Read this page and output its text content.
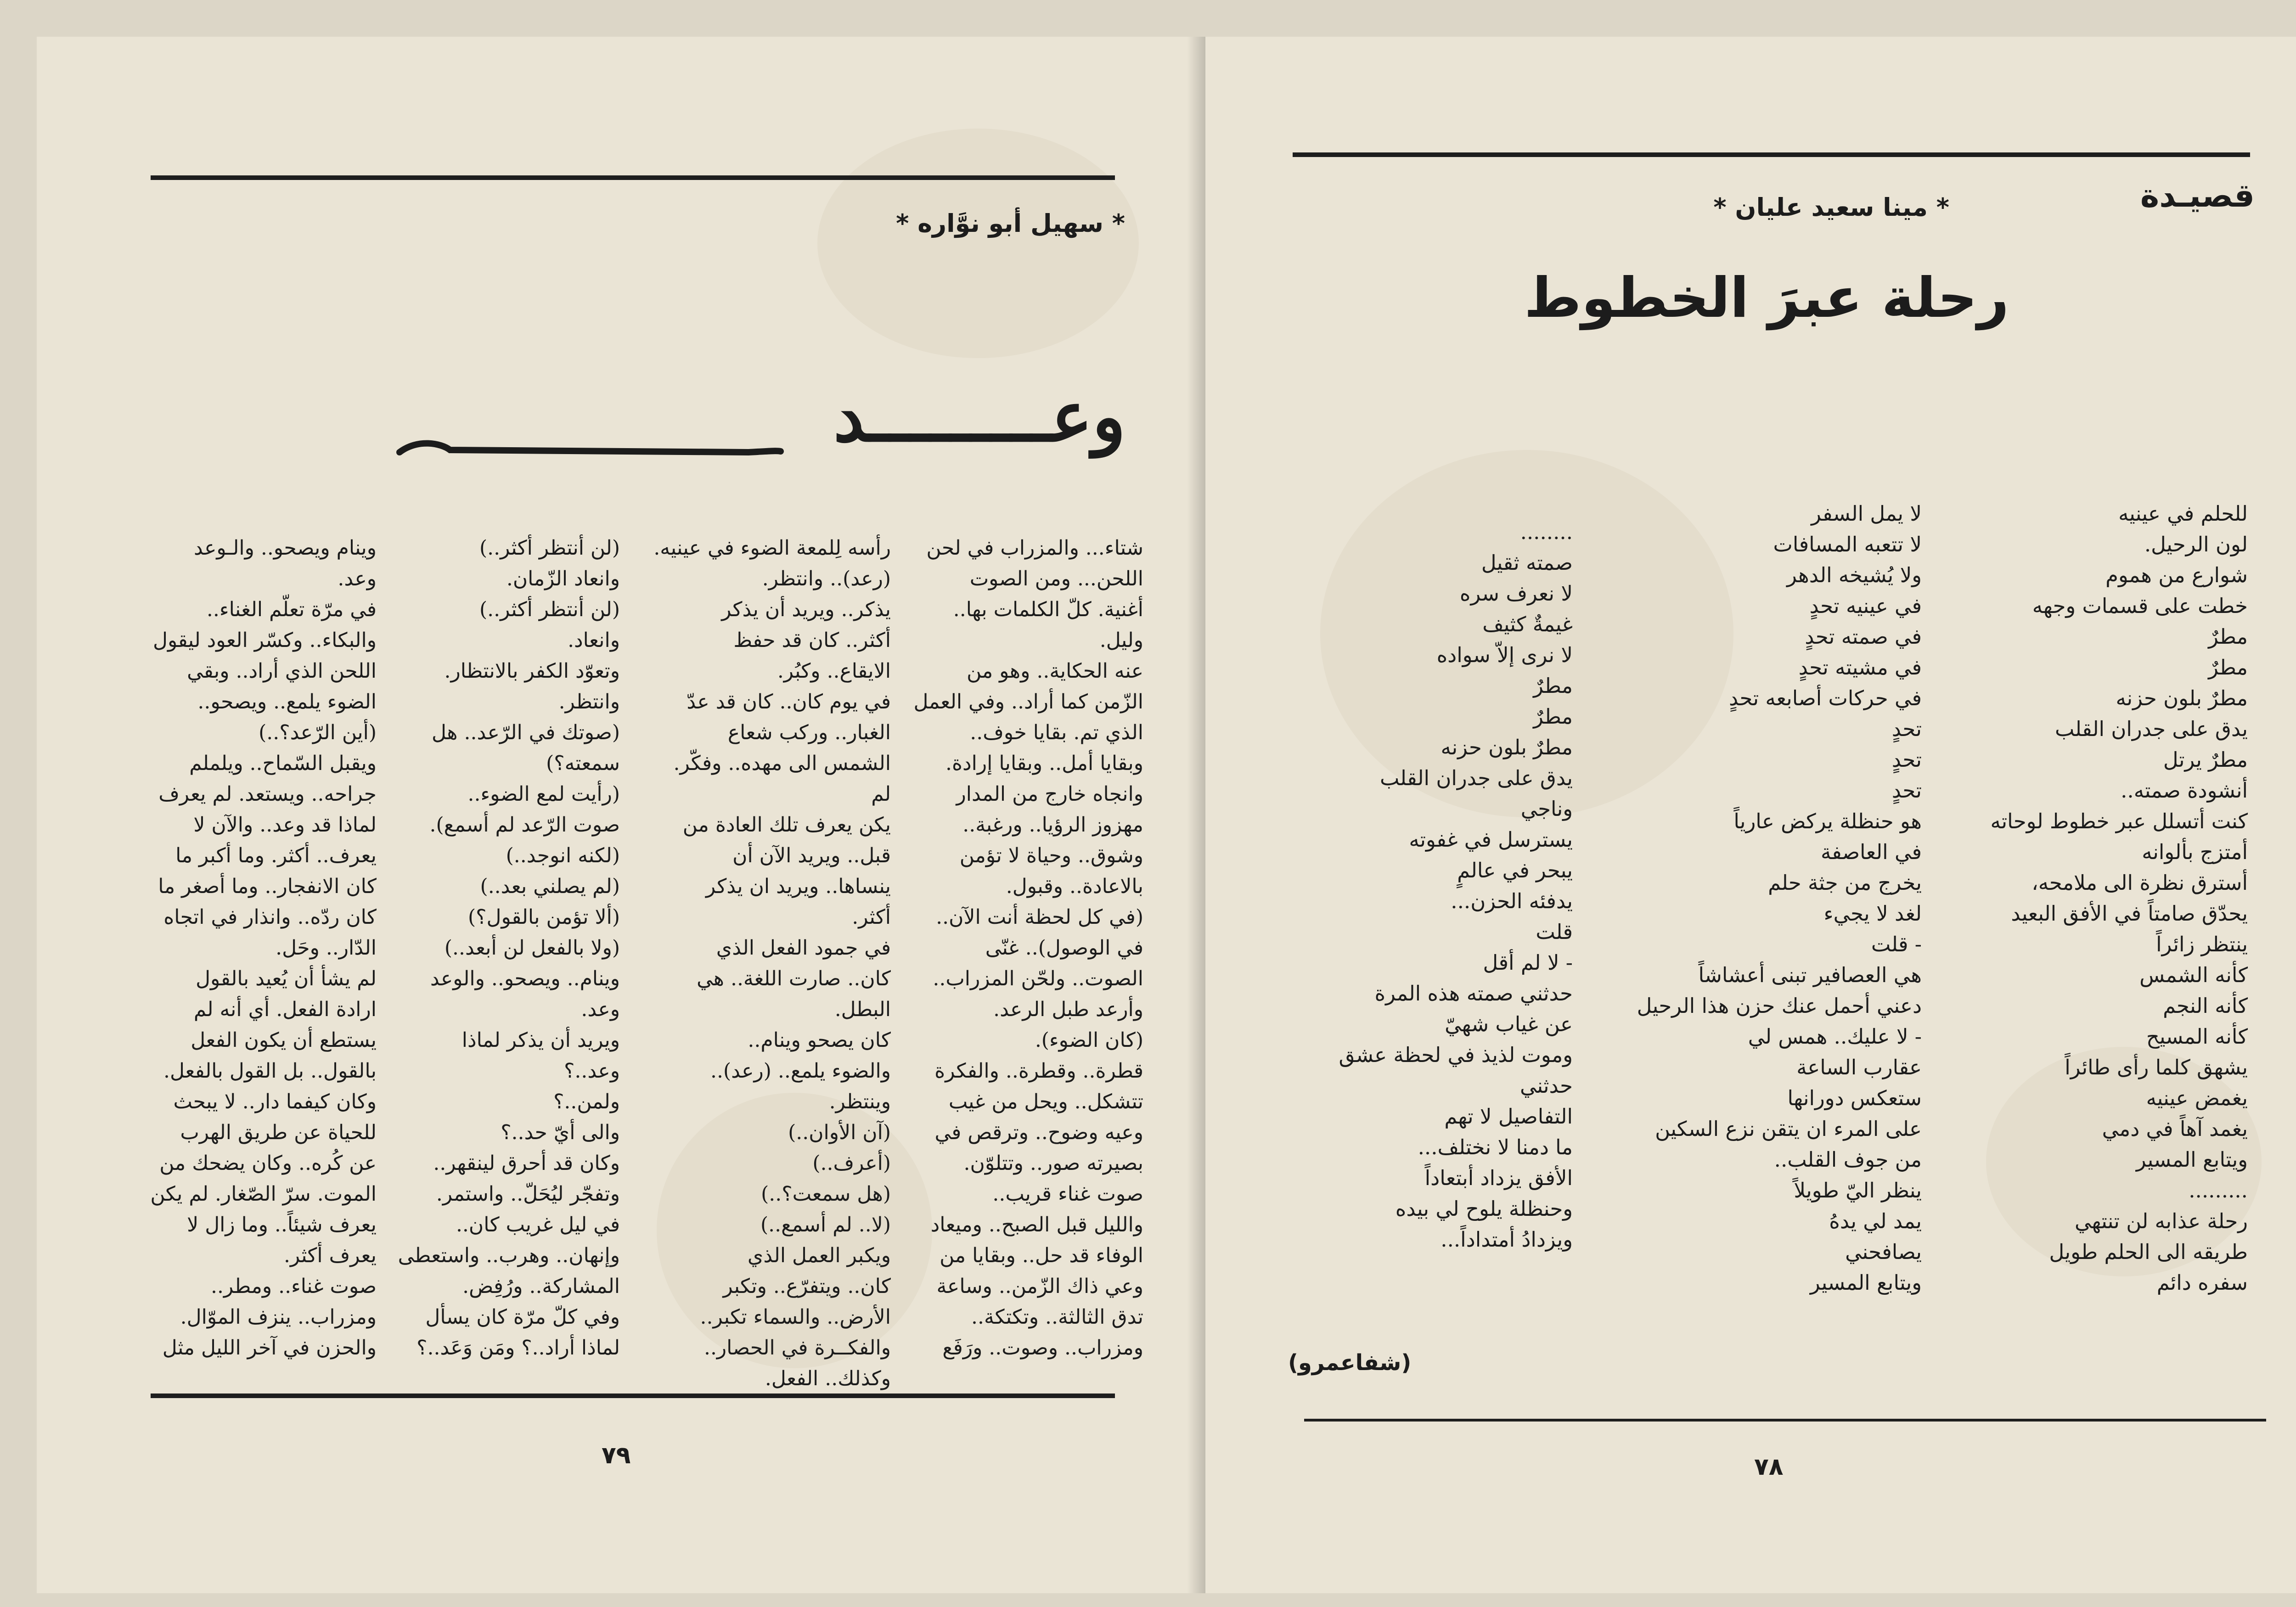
* سهيل أبو نوَّاره *
وعـــــــــد
شتاء... والمزراب في لحن
اللحن... ومن الصوت
أغنية. كلّ الكلمات بها..
وليل.
عنه الحكاية.. وهو من
الزّمن كما أراد.. وفي العمل
الذي تم. بقايا خوف..
وبقايا أمل.. وبقايا إرادة.
وانجاه خارج من المدار
مهزوز الرؤيا.. ورغبة..
وشوق.. وحياة لا تؤمن
بالاعادة.. وقبول.
(في كل لحظة أنت الآن..
في الوصول).. غنّى
الصوت.. ولحّن المزراب..
وأرعد طبل الرعد.
(كان الضوء).
قطرة.. وقطرة.. والفكرة
تتشكل.. ويحل من غيب
وعيه وضوح.. وترقص في
بصيرته صور.. وتتلوّن.
صوت غناء قريب..
والليل قبل الصبح.. وميعاد
الوفاء قد حل.. وبقايا من
وعي ذاك الزّمن.. وساعة
تدق الثالثة.. وتكتكة..
ومزراب.. وصوت.. ورَفَع
رأسه لِلمعة الضوء في عينيه.
(رعد).. وانتظر.
يذكر.. ويريد أن يذكر
أكثر.. كان قد حفظ
الايقاع.. وكبُر.
في يوم كان.. كان قد عدّ
الغبار.. وركب شعاع
الشمس الى مهده.. وفكّر. لم
يكن يعرف تلك العادة من
قبل.. ويريد الآن أن
ينساها.. ويريد ان يذكر
أكثر.
في جمود الفعل الذي
كان.. صارت اللغة.. هي
البطل.
كان يصحو وينام..
والضوء يلمع.. (رعد)..
وينتظر.
(آن الأوان..)
(أعرف..)
(هل سمعت؟..)
(لا.. لم أسمع..)
ويكبر العمل الذي
كان.. ويتفرّع.. وتكبر
الأرض.. والسماء تكبر..
والفكــرة في الحصار..
وكذلك.. الفعل.
(لن أنتظر أكثر..)
وانعاد الزّمان.
(لن أنتظر أكثر..)
وانعاد.
وتعوّد الكفر بالانتظار.
وانتظر.
(صوتك في الرّعد.. هل
سمعته؟)
(رأيت لمع الضوء..
صوت الرّعد لم أسمع).
(لكنه انوجد..)
(لم يصلني بعد..)
(ألا تؤمن بالقول؟)
(ولا بالفعل لن أبعد..)
وينام.. ويصحو.. والوعد
وعد.
ويريد أن يذكر لماذا
وعد..؟
ولمن..؟
والى أيّ حد..؟
وكان قد أحرق لينقهر..
وتفجّر ليُحَلّ.. واستمر.
في ليل غريب كان..
وإنهان.. وهرب.. واستعطى
المشاركة.. ورُفِض.
وفي كلّ مرّة كان يسأل
لماذا أراد..؟ ومَن وَعَد..؟
وينام ويصحو.. والـوعد
وعد.
في مرّة تعلّم الغناء..
والبكاء.. وكسّر العود ليقول
اللحن الذي أراد.. وبقي
الضوء يلمع.. ويصحو..
(أين الرّعد؟..)
ويقبل السّماح.. ويلملم
جراحه.. ويستعد. لم يعرف
لماذا قد وعد.. والآن لا
يعرف.. أكثر. وما أكبر ما
كان الانفجار.. وما أصغر ما
كان ردّه.. وانذار في اتجاه
الدّار.. وحَل.
لم يشأ أن يُعيد بالقول
ارادة الفعل. أي أنه لم
يستطع أن يكون الفعل
بالقول.. بل القول بالفعل.
وكان كيفما دار.. لا يبحث
للحياة عن طريق الهرب
عن كُره.. وكان يضحك من
الموت. سرّ الصّغار. لم يكن
يعرف شيئاً.. وما زال لا
يعرف أكثر.
صوت غناء.. ومطر..
ومزراب.. ينزف الموّال.
والحزن في آخر الليل مثل
٧٩
قصيـدة
* مينا سعيد عليان *
رحلة عبرَ الخطوط
للحلم في عينيه
لون الرحيل.
شوارع من هموم
خطت على قسمات وجهه
مطرٌ
مطرٌ
مطرٌ بلون حزنه
يدق على جدران القلب
مطرٌ يرتل
أنشودة صمته..
كنت أتسلل عبر خطوط لوحاته
أمتزج بألوانه
أسترق نظرة الى ملامحه،
يحدّق صامتاً في الأفق البعيد
ينتظر زائراً
كأنه الشمس
كأنه النجم
كأنه المسيح
يشهق كلما رأى طائراً
يغمض عينيه
يغمد آهاً في دمي
ويتابع المسير
.........
رحلة عذابه لن تنتهي
طريقه الى الحلم طويل
سفره دائم
لا يمل السفر
لا تتعبه المسافات
ولا يُشيخه الدهر
في عينيه تحدٍ
في صمته تحدٍ
في مشيته تحدٍ
في حركات أصابعه تحدٍ
تحدٍ
تحدٍ
تحدٍ
هو حنظلة يركض عارياً
في العاصفة
يخرج من جثة حلم
لغد لا يجيء
- قلت
هي العصافير تبنى أعشاشاً
دعني أحمل عنك حزن هذا الرحيل
- لا عليك.. همس لي
عقارب الساعة
ستعكس دورانها
على المرء ان يتقن نزع السكين
من جوف القلب..
ينظر اليّ طويلاً
يمد لي يدهُ
يصافحني
ويتابع المسير
........
صمته ثقيل
لا نعرف سره
غيمةٌ كثيف
لا نرى إلاّ سواده
مطرٌ
مطرٌ
مطرٌ بلون حزنه
يدق على جدران القلب
وناجي
يسترسل في غفوته
يبحر في عالمٍ
يدفئه الحزن...
قلت
- لا لم أقل
حدثني صمته هذه المرة
عن غياب شهيّ
وموت لذيذ في لحظة عشق
حدثني
التفاصيل لا تهم
ما دمنا لا نختلف...
الأفق يزداد أبتعاداً
وحنظلة يلوح لي بيده
ويزدادُ أمتداداً...
(شفاعمرو)
٧٨
